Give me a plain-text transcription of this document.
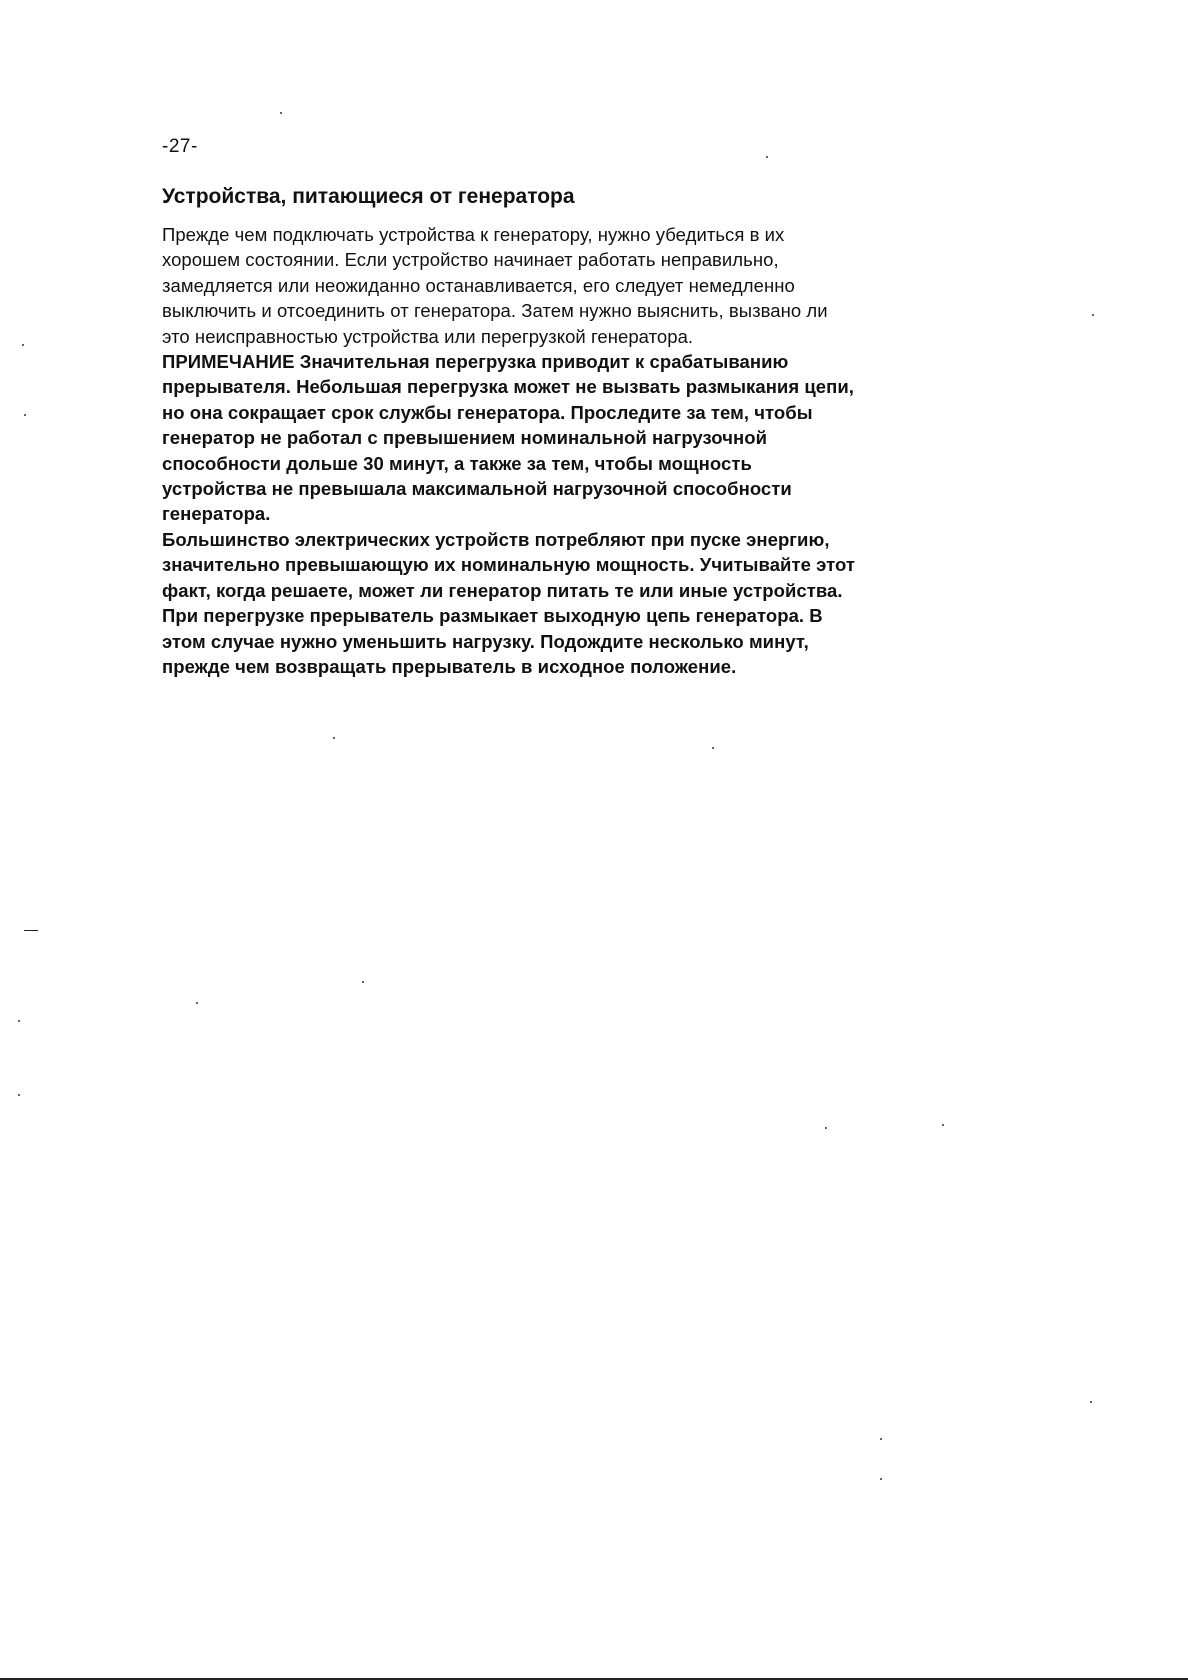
-27-
Устройства, питающиеся от генератора
Прежде чем подключать устройства к генератору, нужно убедиться в их
хорошем состоянии. Если устройство начинает работать неправильно,
замедляется или неожиданно останавливается, его следует немедленно
выключить и отсоединить от генератора. Затем нужно выяснить, вызвано ли
это неисправностью устройства или перегрузкой генератора.
ПРИМЕЧАНИЕ Значительная перегрузка приводит к срабатыванию
прерывателя. Небольшая перегрузка может не вызвать размыкания цепи,
но она сокращает срок службы генератора. Проследите за тем, чтобы
генератор не работал с превышением номинальной нагрузочной
способности дольше 30 минут, а также за тем, чтобы мощность
устройства не превышала максимальной нагрузочной способности
генератора.
Большинство электрических устройств потребляют при пуске энергию,
значительно превышающую их номинальную мощность. Учитывайте этот
факт, когда решаете, может ли генератор питать те или иные устройства.
При перегрузке прерыватель размыкает выходную цепь генератора. В
этом случае нужно уменьшить нагрузку. Подождите несколько минут,
прежде чем возвращать прерыватель в исходное положение.
